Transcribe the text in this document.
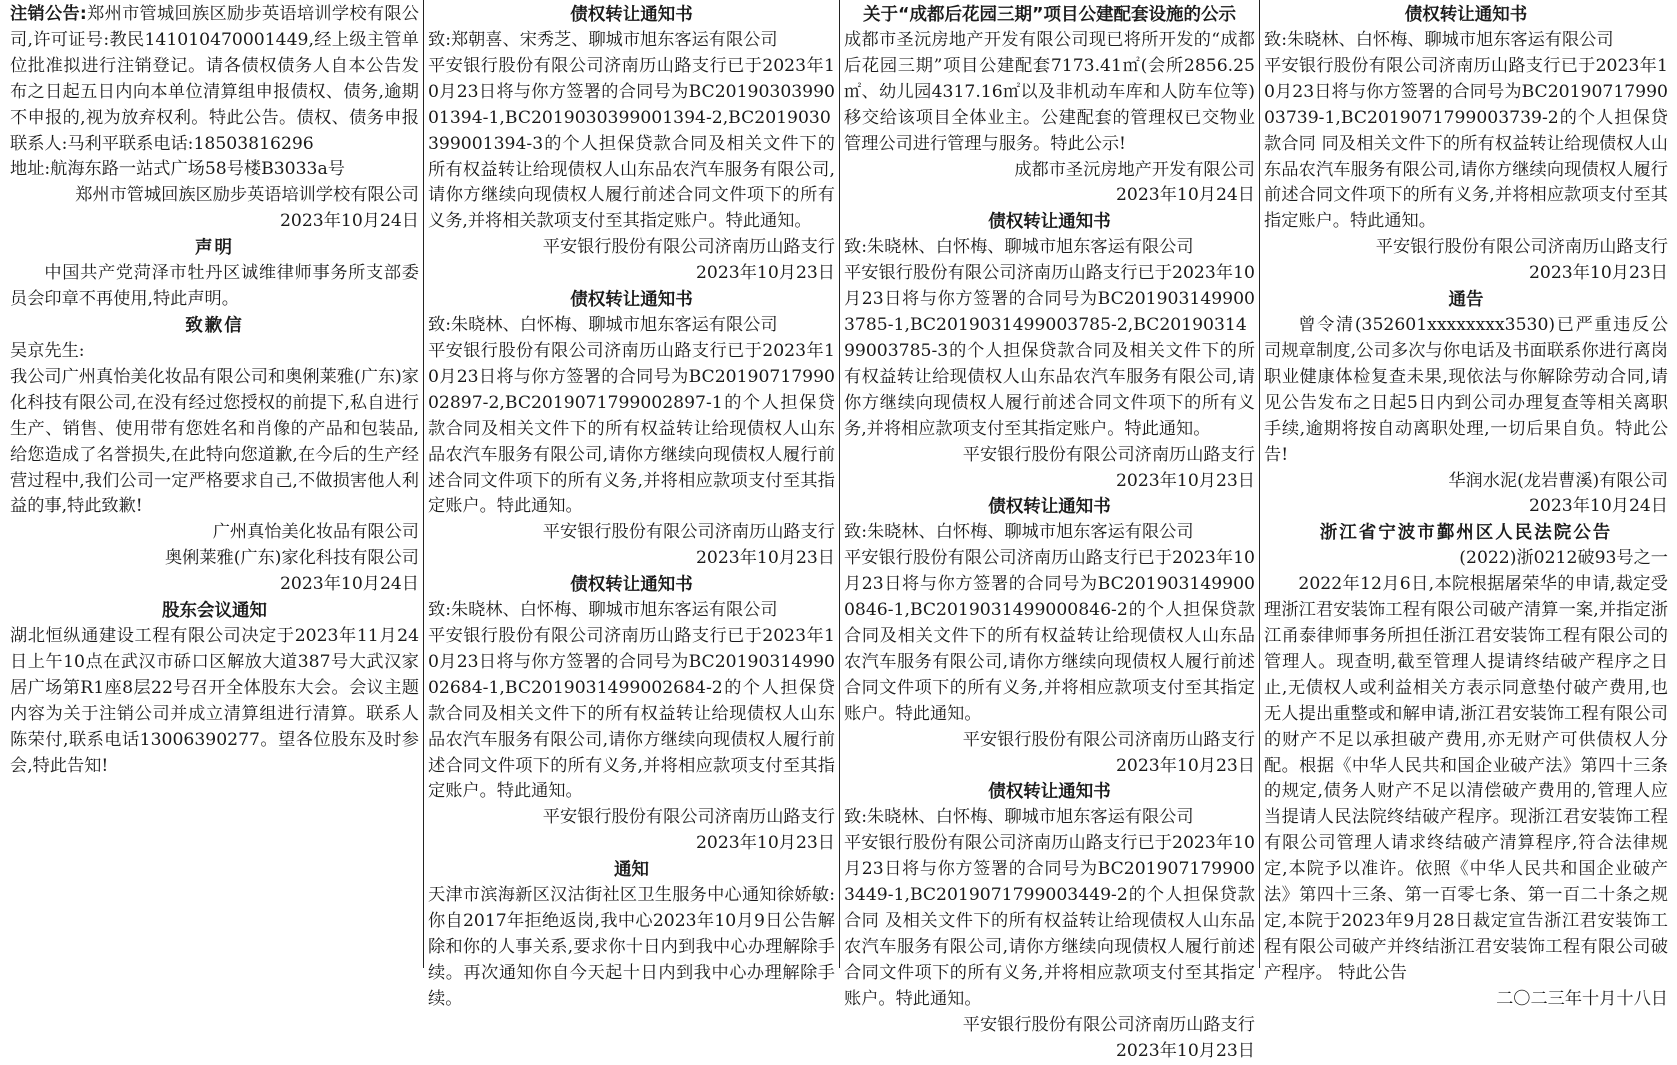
注销公告:郑州市管城回族区励步英语培训学校有限公司,许可证号:教民141010470001449,经上级主管单位批准拟进行注销登记。请各债权债务人自本公告发布之日起五日内向本单位清算组申报债权、债务,逾期不申报的,视为放弃权利。特此公告。债权、债务申报联系人:马利平联系电话:18503816296

地址:航海东路一站式广场58号楼B3033a号

郑州市管城回族区励步英语培训学校有限公司

2023年10月24日

声明

中国共产党菏泽市牡丹区诚维律师事务所支部委员会印章不再使用,特此声明。

致歉信

吴京先生:

我公司广州真怡美化妆品有限公司和奥俐莱雅(广东)家化科技有限公司,在没有经过您授权的前提下,私自进行生产、销售、使用带有您姓名和肖像的产品和包装品,给您造成了名誉损失,在此特向您道歉,在今后的生产经营过程中,我们公司一定严格要求自己,不做损害他人利益的事,特此致歉!

广州真怡美化妆品有限公司

奥俐莱雅(广东)家化科技有限公司

2023年10月24日

股东会议通知

湖北恒纵通建设工程有限公司决定于2023年11月24日上午10点在武汉市硚口区解放大道387号大武汉家居广场第R1座8层22号召开全体股东大会。会议主题内容为关于注销公司并成立清算组进行清算。联系人陈荣付,联系电话13006390277。望各位股东及时参会,特此告知!

债权转让通知书

致:郑朝喜、宋秀芝、聊城市旭东客运有限公司

平安银行股份有限公司济南历山路支行已于2023年10月23日将与你方签署的合同号为BC2019030399001394-1,BC2019030399001394-2,BC2019030399001394-3的个人担保贷款合同及相关文件下的所有权益转让给现债权人山东品农汽车服务有限公司,请你方继续向现债权人履行前述合同文件项下的所有义务,并将相关款项支付至其指定账户。特此通知。

平安银行股份有限公司济南历山路支行

2023年10月23日

债权转让通知书

致:朱晓林、白怀梅、聊城市旭东客运有限公司

平安银行股份有限公司济南历山路支行已于2023年10月23日将与你方签署的合同号为BC2019071799002897-2,BC2019071799002897-1的个人担保贷款合同及相关文件下的所有权益转让给现债权人山东品农汽车服务有限公司,请你方继续向现债权人履行前述合同文件项下的所有义务,并将相应款项支付至其指定账户。特此通知。

平安银行股份有限公司济南历山路支行

2023年10月23日

债权转让通知书

致:朱晓林、白怀梅、聊城市旭东客运有限公司

平安银行股份有限公司济南历山路支行已于2023年10月23日将与你方签署的合同号为BC2019031499002684-1,BC2019031499002684-2的个人担保贷款合同及相关文件下的所有权益转让给现债权人山东品农汽车服务有限公司,请你方继续向现债权人履行前述合同文件项下的所有义务,并将相应款项支付至其指定账户。特此通知。

平安银行股份有限公司济南历山路支行

2023年10月23日

通知

天津市滨海新区汉沽街社区卫生服务中心通知徐娇敏:你自2017年拒绝返岗,我中心2023年10月9日公告解除和你的人事关系,要求你十日内到我中心办理解除手续。再次通知你自今天起十日内到我中心办理解除手续。

关于“成都后花园三期”项目公建配套设施的公示

成都市圣沅房地产开发有限公司现已将所开发的“成都后花园三期”项目公建配套7173.41㎡(会所2856.25㎡、幼儿园4317.16㎡以及非机动车库和人防车位等)移交给该项目全体业主。公建配套的管理权已交物业管理公司进行管理与服务。特此公示!

成都市圣沅房地产开发有限公司

2023年10月24日

债权转让通知书

致:朱晓林、白怀梅、聊城市旭东客运有限公司

平安银行股份有限公司济南历山路支行已于2023年10月23日将与你方签署的合同号为BC2019031499003785-1,BC2019031499003785-2,BC2019031499003785-3的个人担保贷款合同及相关文件下的所有权益转让给现债权人山东品农汽车服务有限公司,请你方继续向现债权人履行前述合同文件项下的所有义务,并将相应款项支付至其指定账户。特此通知。

平安银行股份有限公司济南历山路支行

2023年10月23日

债权转让通知书

致:朱晓林、白怀梅、聊城市旭东客运有限公司

平安银行股份有限公司济南历山路支行已于2023年10月23日将与你方签署的合同号为BC2019031499000846-1,BC2019031499000846-2的个人担保贷款合同及相关文件下的所有权益转让给现债权人山东品农汽车服务有限公司,请你方继续向现债权人履行前述合同文件项下的所有义务,并将相应款项支付至其指定账户。特此通知。

平安银行股份有限公司济南历山路支行

2023年10月23日

债权转让通知书

致:朱晓林、白怀梅、聊城市旭东客运有限公司

平安银行股份有限公司济南历山路支行已于2023年10月23日将与你方签署的合同号为BC2019071799003449-1,BC2019071799003449-2的个人担保贷款合同 及相关文件下的所有权益转让给现债权人山东品农汽车服务有限公司,请你方继续向现债权人履行前述合同文件项下的所有义务,并将相应款项支付至其指定账户。特此通知。

平安银行股份有限公司济南历山路支行

2023年10月23日

债权转让通知书

致:朱晓林、白怀梅、聊城市旭东客运有限公司

平安银行股份有限公司济南历山路支行已于2023年10月23日将与你方签署的合同号为BC2019071799003739-1,BC2019071799003739-2的个人担保贷款合同 同及相关文件下的所有权益转让给现债权人山东品农汽车服务有限公司,请你方继续向现债权人履行前述合同文件项下的所有义务,并将相应款项支付至其指定账户。特此通知。

平安银行股份有限公司济南历山路支行

2023年10月23日

通告

曾令清(352601xxxxxxxx3530)已严重违反公司规章制度,公司多次与你电话及书面联系你进行离岗职业健康体检复查未果,现依法与你解除劳动合同,请见公告发布之日起5日内到公司办理复查等相关离职手续,逾期将按自动离职处理,一切后果自负。特此公告!

华润水泥(龙岩曹溪)有限公司

2023年10月24日

浙江省宁波市鄞州区人民法院公告

(2022)浙0212破93号之一

2022年12月6日,本院根据屠荣华的申请,裁定受理浙江君安装饰工程有限公司破产清算一案,并指定浙江甬泰律师事务所担任浙江君安装饰工程有限公司的管理人。现查明,截至管理人提请终结破产程序之日止,无债权人或利益相关方表示同意垫付破产费用,也无人提出重整或和解申请,浙江君安装饰工程有限公司的财产不足以承担破产费用,亦无财产可供债权人分配。根据《中华人民共和国企业破产法》第四十三条的规定,债务人财产不足以清偿破产费用的,管理人应当提请人民法院终结破产程序。现浙江君安装饰工程有限公司管理人请求终结破产清算程序,符合法律规定,本院予以准许。依照《中华人民共和国企业破产法》第四十三条、第一百零七条、第一百二十条之规定,本院于2023年9月28日裁定宣告浙江君安装饰工程有限公司破产并终结浙江君安装饰工程有限公司破产程序。 特此公告

二〇二三年十月十八日
